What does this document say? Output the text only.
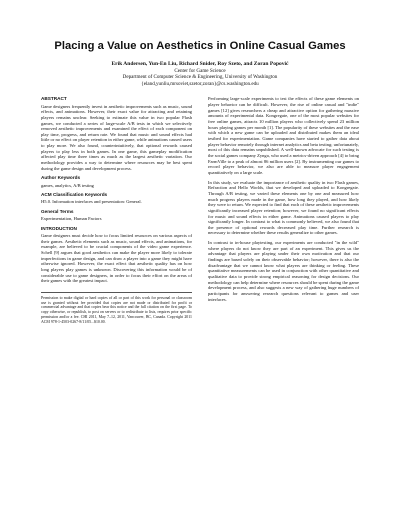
Placing a Value on Aesthetics in Online Casual Games
Erik Andersen, Yun-En Liu, Richard Snider, Roy Szeto, and Zoran Popović
Center for Game Science
Department of Computer Science & Engineering, University of Washington
{eland,yunliu,mrsoviet,szetor,zoran}@cs.washington.edu
ABSTRACT

Game designers frequently invest in aesthetic improvements such as music, sound effects, and animations. However, their exact value for attracting and retaining players remains unclear. Seeking to estimate this value in two popular Flash games, we conducted a series of large-scale A/B tests in which we selectively removed aesthetic improvements and examined the effect of each component on play time, progress, and return rate. We found that music and sound effects had little or no effect on player retention in either game, while animations caused users to play more. We also found, counterintuitively, that optional rewards caused players to play less in both games. In one game, this gameplay modification affected play time three times as much as the largest aesthetic variation. Our methodology provides a way to determine where resources may be best spent during the game design and development process.

Author Keywords
games, analytics, A/B testing
ACM Classification Keywords
H5.0. Information interfaces and presentation: General.
General Terms
Experimentation, Human Factors
INTRODUCTION

Game designers must decide how to focus limited resources on various aspects of their games. Aesthetic elements such as music, sound effects, and animations, for example, are believed to be crucial components of the video game experience. Schell [9] argues that good aesthetics can make the player more likely to tolerate imperfections in game design, and can draw a player into a game they might have otherwise ignored. However, the exact effect that aesthetic quality has on how long players play games is unknown. Discovering this information would be of considerable use to game designers, in order to focus their effort on the areas of their games with the greatest impact.

Permission to make digital or hard copies of all or part of this work for personal or classroom use is granted without fee provided that copies are not made or distributed for profit or commercial advantage and that copies bear this notice and the full citation on the first page. To copy otherwise, or republish, to post on servers or to redistribute to lists, requires prior specific permission and/or a fee. CHI 2011, May 7–12, 2011, Vancouver, BC, Canada. Copyright 2011 ACM 978-1-4503-0267-8/11/05...$10.00.

Performing large-scale experiments to test the effects of these game elements on player behavior can be difficult. However, the rise of online casual and "indie" games [12] gives researchers a cheap and attractive option for gathering massive amounts of experimental data. Kongregate, one of the most popular websites for free online games, attracts 10 million players who collectively spend 23 million hours playing games per month [1]. The popularity of these websites and the ease with which a new game can be uploaded and distributed makes them an ideal testbed for experimentation. Game companies have started to gather data about player behavior remotely through internet analytics and beta testing; unfortunately, most of this data remains unpublished. A well-known advocate for such testing is the social games company Zynga, who used a metrics-driven approach [4] to bring FarmVille to a peak of almost 86 million users [2]. By instrumenting our games to record player behavior, we also are able to measure player engagement quantitatively on a large scale.

In this study, we evaluate the importance of aesthetic quality in two Flash games, Refraction and Hello Worlds, that we developed and uploaded to Kongregate. Through A/B testing, we varied these elements one by one and measured how much progress players made in the game, how long they played, and how likely they were to return. We expected to find that each of these aesthetic improvements significantly increased player retention; however, we found no significant effects for music and sound effects in either game. Animations caused players to play significantly longer. In contrast to what is commonly believed, we also found that the presence of optional rewards decreased play time. Further research is necessary to determine whether these results generalize to other games.

In contrast to in-house playtesting, our experiments are conducted "in the wild" where players do not know they are part of an experiment. This gives us the advantage that players are playing under their own motivation and that our findings are based solely on their observable behavior; however, there is also the disadvantage that we cannot know what players are thinking or feeling. These quantitative measurements can be used in conjunction with other quantitative and qualitative data to provide strong empirical reasoning for design decisions. Our methodology can help determine where resources should be spent during the game development process, and also suggests a new way of gathering huge numbers of participants for answering research questions relevant to games and user interfaces.
